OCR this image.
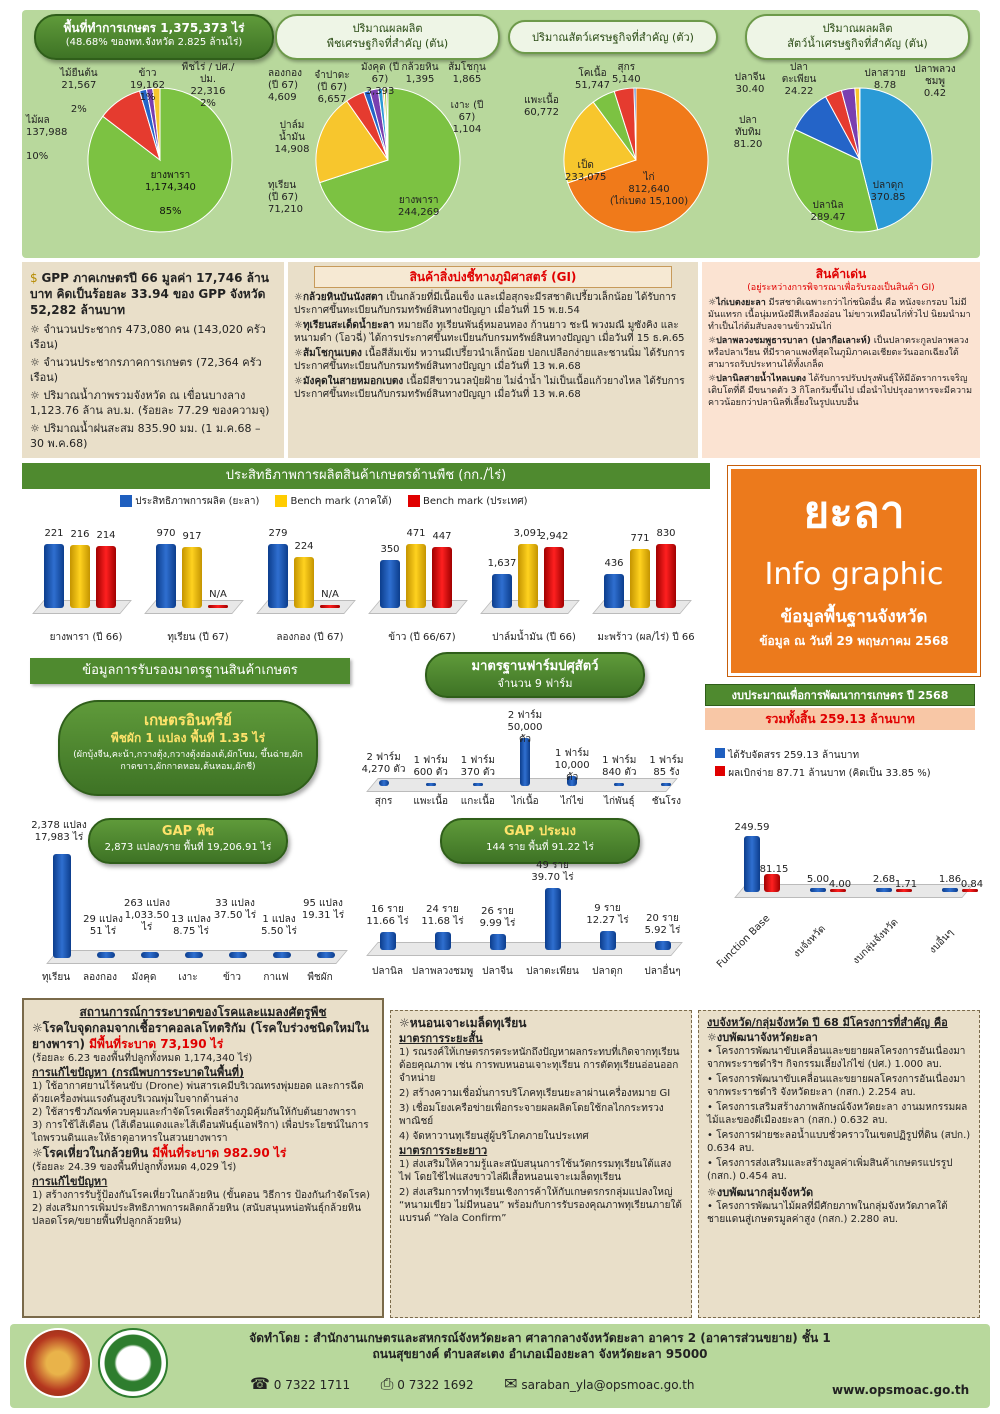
พื้นที่ทำการเกษตร 1,375,373 ไร่
(48.68% ของพท.จังหวัด 2.825 ล้านไร่)
ปริมาณผลผลิต
พืชเศรษฐกิจที่สำคัญ (ตัน)	ปริมาณสัตว์เศรษฐกิจที่สำคัญ (ตัว)
ปริมาณผลผลิต
สัตว์น้ำเศรษฐกิจที่สำคัญ (ตัน)
ไม้ผล
137,988

10%
ไม้ยืนต้น
21,567

2%
ข้าว
19,162
1%
พืชไร่ / ปศ./ปม.
22,316
2%
ยางพารา
1,174,340

85%
ลองกอง (ปี 67)
4,609
จำปาดะ (ปี 67)
6,657
มังคุด (ปี 67)
3,393
กล้วยหิน
1,395
ส้มโชกุน
1,865
เงาะ (ปี 67)
1,104
ปาล์มน้ำมัน
14,908
ทุเรียน (ปี 67)
71,210
ยางพารา
244,269
โคเนื้อ
51,747
สุกร
5,140
แพะเนื้อ
60,772
เป็ด
233,075	ไก่
812,640
(ไก่เบตง 15,100)
ปลาจีน
30.40
ปลาตะเพียน
24.22
ปลาสวาย
8.78
ปลาพลวงชมพู
0.42
ปลาทับทิม
81.20
ปลานิล
289.47
ปลาดุก
370.85
$ GPP ภาคเกษตรปี 66 มูลค่า 17,746 ล้านบาท คิดเป็นร้อยละ 33.94 ของ GPP จังหวัด 52,282 ล้านบาท
☼ จำนวนประชากร 473,080 คน (143,020 ครัวเรือน)
☼ จำนวนประชากรภาคการเกษตร (72,364 ครัวเรือน)
☼ ปริมาณน้ำภาพรวมจังหวัด ณ เขื่อนบางลาง 1,123.76 ล้าน ลบ.ม. (ร้อยละ 77.29 ของความจุ)
☼ ปริมาณน้ำฝนสะสม 835.90 มม. (1 ม.ค.68 – 30 พ.ค.68)
สินค้าสิ่งบ่งชี้ทางภูมิศาสตร์ (GI)
☼กล้วยหินบันนังสตา เป็นกล้วยที่มีเนื้อแข็ง และเมื่อสุกจะมีรสชาติเปรี้ยวเล็กน้อย ได้รับการประกาศขึ้นทะเบียนกับกรมทรัพย์สินทางปัญญา เมื่อวันที่ 15 พ.ย.54
☼ทุเรียนสะเด็ดน้ำยะลา หมายถึง ทุเรียนพันธุ์หมอนทอง ก้านยาว ชะนี พวงมณี มูซังคิง และหนามดำ (โอวฉี่) ได้การประกาศขึ้นทะเบียนกับกรมทรัพย์สินทางปัญญา เมื่อวันที่ 15 ธ.ค.65
☼ส้มโชกุนเบตง เนื้อสีส้มเข้ม หวานมีเปรี้ยวนำเล็กน้อย ปอกเปลือกง่ายและชานนิ่ม ได้รับการประกาศขึ้นทะเบียนกับกรมทรัพย์สินทางปัญญา เมื่อวันที่ 13 พ.ค.68
☼มังคุดในสายหมอกเบตง เนื้อมีสีขาวนวลปุ๋ยฝ้าย ไม่ฉ่ำน้ำ ไม่เป็นเนื้อแก้วยางไหล ได้รับการประกาศขึ้นทะเบียนกับกรมทรัพย์สินทางปัญญา เมื่อวันที่ 13 พ.ค.68
สินค้าเด่น
(อยู่ระหว่างการพิจารณาเพื่อรับรองเป็นสินค้า GI)
☼ไก่เบตงยะลา มีรสชาติเฉพาะกว่าไก่ชนิดอื่น คือ หนังจะกรอบ ไม่มีมันแทรก เนื้อนุ่มหนังมีสีเหลืองอ่อน ไม่ขาวเหมือนไก่ทั่วไป นิยมนำมาทำเป็นไก่ต้มสับลงจานข้าวมันไก่
☼ปลาพลวงชมพูธารบาลา (ปลากือเลาะห์) เป็นปลาตระกูลปลาพลวง หรือปลาเวียน ที่มีราคาแพงที่สุดในภูมิภาคเอเชียตะวันออกเฉียงใต้ สามารถรับประทานได้ทั้งเกล็ด
☼ปลานิลสายน้ำไหลเบตง ได้รับการปรับปรุงพันธุ์ให้มีอัตราการเจริญเติบโตที่ดี มีขนาดตัว 3 กิโลกรัมขึ้นไป เมื่อนำไปปรุงอาหารจะมีความคาวน้อยกว่าปลานิลที่เลี้ยงในรูปแบบอื่น
ประสิทธิภาพการผลิตสินค้าเกษตรด้านพืช (กก./ไร่)
ประสิทธิภาพการผลิต (ยะลา)	Bench mark (ภาคใต้)	Bench mark (ประเทศ)
221 216 214
ยางพารา (ปี 66)
970 917
N/A
ทุเรียน (ปี 67)
279
224
N/A
ลองกอง (ปี 67)
350
471 447
ข้าว (ปี 66/67)
1,637
3,091
2,942
ปาล์มน้ำมัน (ปี 66)
436
771 830
มะพร้าว (ผล/ไร่) ปี 66
ยะลา
Info graphic
ข้อมูลพื้นฐานจังหวัด
ข้อมูล ณ วันที่ 29 พฤษภาคม 2568
ข้อมูลการรับรองมาตรฐานสินค้าเกษตร	มาตรฐานฟาร์มปศุสัตว์
จำนวน 9 ฟาร์ม
เกษตรอินทรีย์
พืชผัก 1 แปลง พื้นที่ 1.35 ไร่
(ผักบุ้งจีน,คะน้า,กวางตุ้ง,กวางตุ้งฮ่องเต้,ผักโขม, ขึ้นฉ่าย,ผักกาดขาว,ผักกาดหอม,ต้นหอม,ผักชี)
2 ฟาร์ม
4,270 ตัว
สุกร
1 ฟาร์ม
600 ตัว
แพะเนื้อ
1 ฟาร์ม
370 ตัว
แกะเนื้อ
2 ฟาร์ม
50,000 ตัว
ไก่เนื้อ
1 ฟาร์ม
10,000 ตัว
ไก่ไข่
1 ฟาร์ม
840 ตัว
ไก่พันธุ์
1 ฟาร์ม
85 รัง
ชันโรง
GAP พืช
2,873 แปลง/ราย พื้นที่ 19,206.91 ไร่
GAP ประมง
144 ราย พื้นที่ 91.22 ไร่
2,378 แปลง
17,983 ไร่
ทุเรียน
29 แปลง
51 ไร่
ลองกอง
263 แปลง
1,033.50 ไร่
มังคุด
13 แปลง
8.75 ไร่
เงาะ
33 แปลง
37.50 ไร่
ข้าว
1 แปลง
5.50 ไร่
กาแฟ
95 แปลง
19.31 ไร่
พืชผัก
16 ราย
11.66 ไร่
ปลานิล
24 ราย
11.68 ไร่
ปลาพลวงชมพู
26 ราย
9.99 ไร่
ปลาจีน
49 ราย
39.70 ไร่
ปลาตะเพียน
9 ราย
12.27 ไร่
ปลาดุก
20 ราย
5.92 ไร่
ปลาอื่นๆ
งบประมาณเพื่อการพัฒนาการเกษตร ปี 2568
รวมทั้งสิ้น 259.13 ล้านบาท
ได้รับจัดสรร 259.13 ล้านบาท
ผลเบิกจ่าย 87.71 ล้านบาท (คิดเป็น 33.85 %)
249.59
81.15
Function Base
5.00 4.00
งบจังหวัด
2.68 1.71
งบกลุ่มจังหวัด
1.86 0.84
งบอื่นๆ
สถานการณ์การระบาดของโรคและแมลงศัตรูพืช
☼โรคใบจุดกลมจากเชื้อราคอลเลโทตริกัม (โรคใบร่วงชนิดใหม่ในยางพารา) มีพื้นที่ระบาด 73,190 ไร่
(ร้อยละ 6.23 ของพื้นที่ปลูกทั้งหมด 1,174,340 ไร่)
การแก้ไขปัญหา (กรณีพบการระบาดในพื้นที่)
1) ใช้อากาศยานไร้คนขับ (Drone) พ่นสารเคมีบริเวณทรงพุ่มยอด และการฉีดด้วยเครื่องพ่นแรงดันสูงบริเวณพุ่มใบจากด้านล่าง
2) ใช้สารชีวภัณฑ์ควบคุมและกำจัดโรคเพื่อสร้างภูมิคุ้มกันให้กับต้นยางพารา
3) การใช้ไส้เดือน (ไส้เดือนแดงและไส้เดือนพันธุ์แอฟริกา) เพื่อประโยชน์ในการไถพรวนดินและให้ธาตุอาหารในสวนยางพารา
☼โรคเหี่ยวในกล้วยหิน มีพื้นที่ระบาด 982.90 ไร่
(ร้อยละ 24.39 ของพื้นที่ปลูกทั้งหมด 4,029 ไร่)
การแก้ไขปัญหา
1) สร้างการรับรู้ป้องกันโรคเหี่ยวในกล้วยหิน (ขั้นตอน วิธีการ ป้องกันกำจัดโรค)
2) ส่งเสริมการเพิ่มประสิทธิภาพการผลิตกล้วยหิน (สนับสนุนหน่อพันธุ์กล้วยหินปลอดโรค/ขยายพื้นที่ปลูกกล้วยหิน)
☼หนอนเจาะเมล็ดทุเรียน
มาตรการระยะสั้น
1) รณรงค์ให้เกษตรกรตระหนักถึงปัญหาผลกระทบที่เกิดจากทุเรียนด้อยคุณภาพ เช่น การพบหนอนเจาะทุเรียน การตัดทุเรียนอ่อนออกจำหน่าย
2) สร้างความเชื่อมั่นการบริโภคทุเรียนยะลาผ่านเครื่องหมาย GI
3) เชื่อมโยงเครือข่ายเพื่อกระจายผลผลิตโดยใช้กลไกกระทรวงพาณิชย์
4) จัดหาวานทุเรียนสู่ผู้บริโภคภายในประเทศ
มาตรการระยะยาว
1) ส่งเสริมให้ความรู้และสนับสนุนการใช้นวัตกรรมทุเรียนใต้แสงไฟ โดยใช้ไฟแสงขาวไล่ผีเสื้อหนอนเจาะเมล็ดทุเรียน
2) ส่งเสริมการทำทุเรียนเชิงการค้าให้กับเกษตรกรกลุ่มแปลงใหญ่ “หนามเขียว ไม่มีหนอน” พร้อมกับการรับรองคุณภาพทุเรียนภายใต้แบรนด์ “Yala Confirm”
งบจังหวัด/กลุ่มจังหวัด ปี 68 มีโครงการที่สำคัญ คือ
☼งบพัฒนาจังหวัดยะลา
• โครงการพัฒนาขับเคลื่อนและขยายผลโครงการอันเนื่องมาจากพระราชดำริฯ กิจกรรมเลี้ยงไก่ไข่ (ปศ.) 1.000 ลบ.
• โครงการพัฒนาขับเคลื่อนและขยายผลโครงการอันเนื่องมาจากพระราชดำริ จังหวัดยะลา (กสก.) 2.254 ลบ.
• โครงการเสริมสร้างภาพลักษณ์จังหวัดยะลา งานมหกรรมผลไม้และของดีเมืองยะลา (กสก.) 0.632 ลบ.
• โครงการฝายชะลอน้ำแบบชั่วคราวในเขตปฏิรูปที่ดิน (สปก.) 0.634 ลบ.
• โครงการส่งเสริมและสร้างมูลค่าเพิ่มสินค้าเกษตรแปรรูป (กสก.) 0.454 ลบ.
☼งบพัฒนากลุ่มจังหวัด
• โครงการพัฒนาไม้ผลที่มีศักยภาพในกลุ่มจังหวัดภาคใต้ชายแดนสู่เกษตรมูลค่าสูง (กสก.) 2.280 ลบ.
จัดทำโดย : สำนักงานเกษตรและสหกรณ์จังหวัดยะลา ศาลากลางจังหวัดยะลา อาคาร 2 (อาคารส่วนขยาย) ชั้น 1
ถนนสุขยางค์ ตำบลสะเตง อำเภอเมืองยะลา จังหวัดยะลา 95000
☎ 0 7322 1711 ⎙ 0 7322 1692 ✉ saraban_yla@opsmoac.go.th	www.opsmoac.go.th
